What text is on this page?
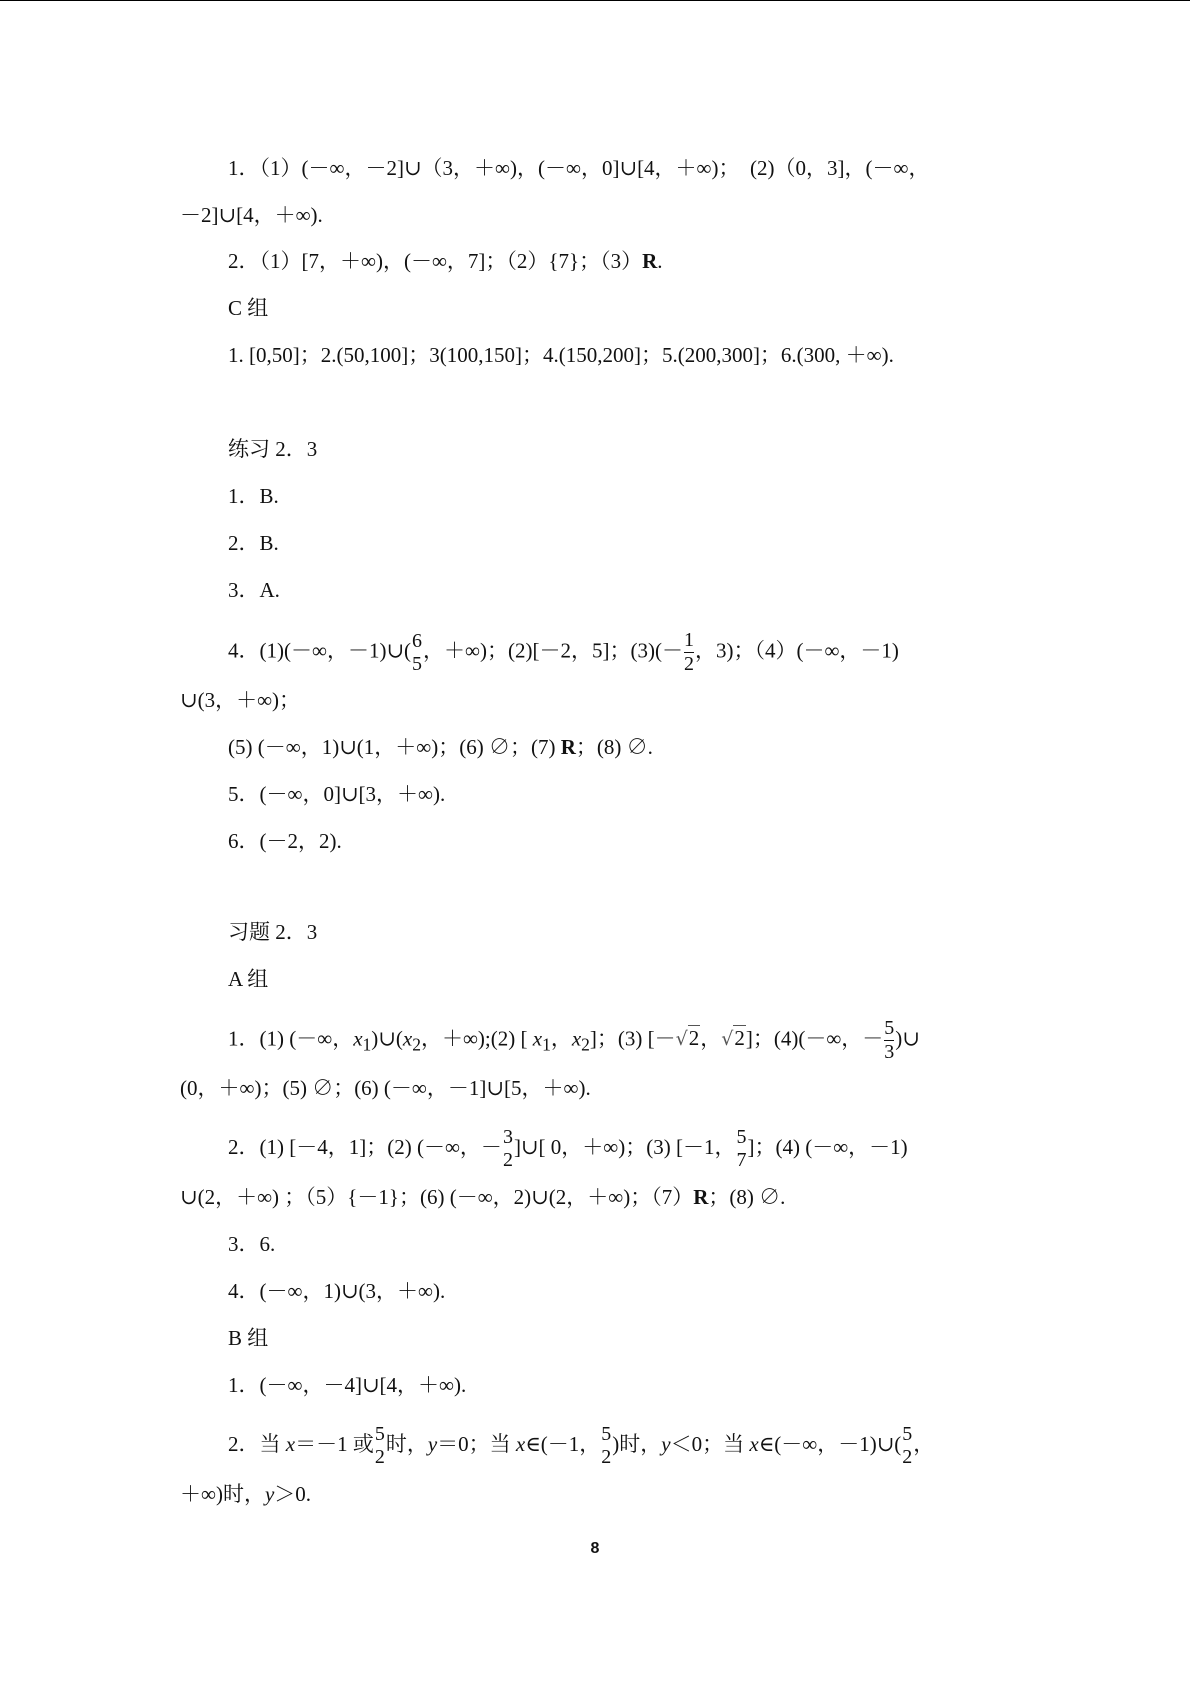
1．（1）(－∞，－2]∪（3，＋∞)，(－∞，0]∪[4，＋∞)；  (2)（0，3]，(－∞，
－2]∪[4，＋∞).
2．（1）[7，＋∞)，(－∞，7]；（2）{7}；（3）R.
C 组
1. [0,50]；2.(50,100]；3(100,150]；4.(150,200]；5.(200,300]；6.(300, ＋∞).
练习 2．3
1．B.
2．B.
3．A.
4．(1)(－∞，－1)∪( 6
5
，＋∞)；(2)[－2，5]；$(3)(- \frac{1}{2}$ ，3)；（4）(－∞，－1)
∪(3，＋∞)；
(5) (－∞，1)∪(1，＋∞)；(6) ∅；(7) R；(8) ∅.
5．(－∞，0]∪[3，＋∞).
6．(－2，2).
习题 2．3
A 组
1．(1) (－∞，$x_1)\cup(x_2$，＋∞);(2) [ $x_1$，$x_2$]；(3) [－√2，√2]；(4)(－∞，－ $\frac{5}{3}$ )∪
(0，＋∞)；(5) ∅；(6) (－∞，－1]∪[5，＋∞).
2．(1) [－4，1]；(2) (－∞，－ 3
2
]∪[ 0，＋∞)；(3) [－1， 5
7
]；(4) (－∞，－1)
∪(2，＋∞) ；（5）{－1}；(6) (－∞，2)∪(2，＋∞)；（7）R；(8) ∅.
3．6.
4．(－∞，1)∪(3，＋∞).
B 组
1．(－∞，－4]∪[4，＋∞).
2．当 x＝－1 或 5
2
时，y＝0；当 x∈(－1， 5
2
)时，y＜0；当 x∈(－∞，－1)∪( 5
2
，
＋∞)时，y＞0.
8
